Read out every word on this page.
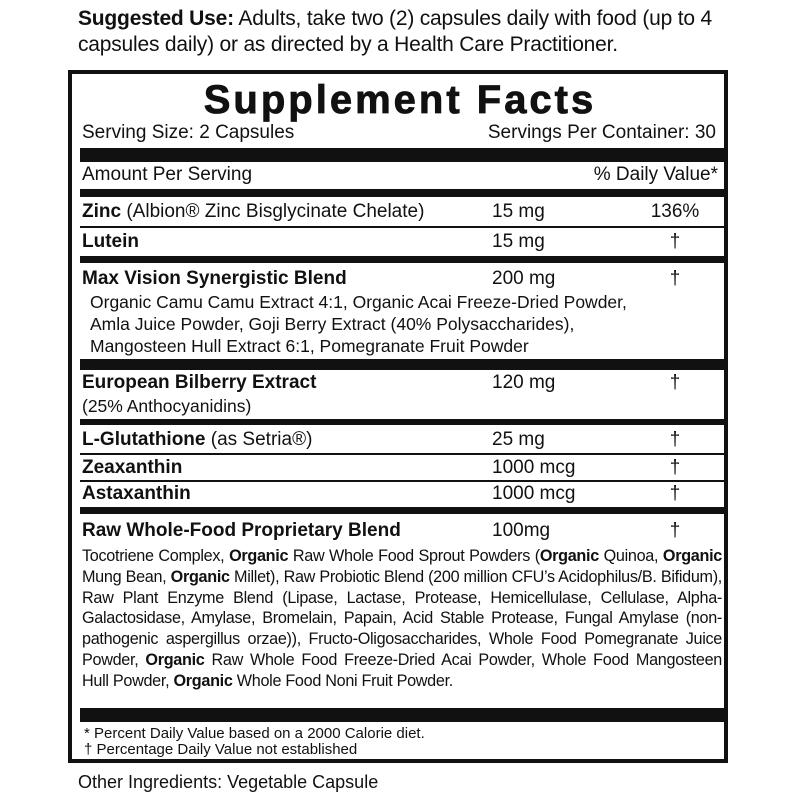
Suggested Use: Adults, take two (2) capsules daily with food (up to 4 capsules daily) or as directed by a Health Care Practitioner.
Supplement Facts
Serving Size: 2 Capsules	Servings Per Container: 30
Amount Per Serving	% Daily Value*
Zinc (Albion® Zinc Bisglycinate Chelate)	15 mg	136%
Lutein	15 mg	†
Max Vision Synergistic Blend	200 mg	†
Organic Camu Camu Extract 4:1, Organic Acai Freeze-Dried Powder,
Amla Juice Powder, Goji Berry Extract (40% Polysaccharides),
Mangosteen Hull Extract 6:1, Pomegranate Fruit Powder
European Bilberry Extract	120 mg	†
(25% Anthocyanidins)
L-Glutathione (as Setria®)	25 mg	†
Zeaxanthin	1000 mcg	†
Astaxanthin	1000 mcg	†
Raw Whole-Food Proprietary Blend	100mg	†
Tocotriene Complex, Organic Raw Whole Food Sprout Powders (Organic Quinoa, Organic Mung Bean, Organic Millet), Raw Probiotic Blend (200 million CFU’s Acidophilus/B. Bifidum), Raw Plant Enzyme Blend (Lipase, Lactase, Protease, Hemicellulase, Cellulase, Alpha-Galactosidase, Amylase, Bromelain, Papain, Acid Stable Protease, Fungal Amylase (non-pathogenic aspergillus orzae)), Fructo-Oligosaccharides, Whole Food Pomegranate Juice Powder, Organic Raw Whole Food Freeze-Dried Acai Powder, Whole Food Mangosteen Hull Powder, Organic Whole Food Noni Fruit Powder.
* Percent Daily Value based on a 2000 Calorie diet.
† Percentage Daily Value not established
Other Ingredients: Vegetable Capsule
